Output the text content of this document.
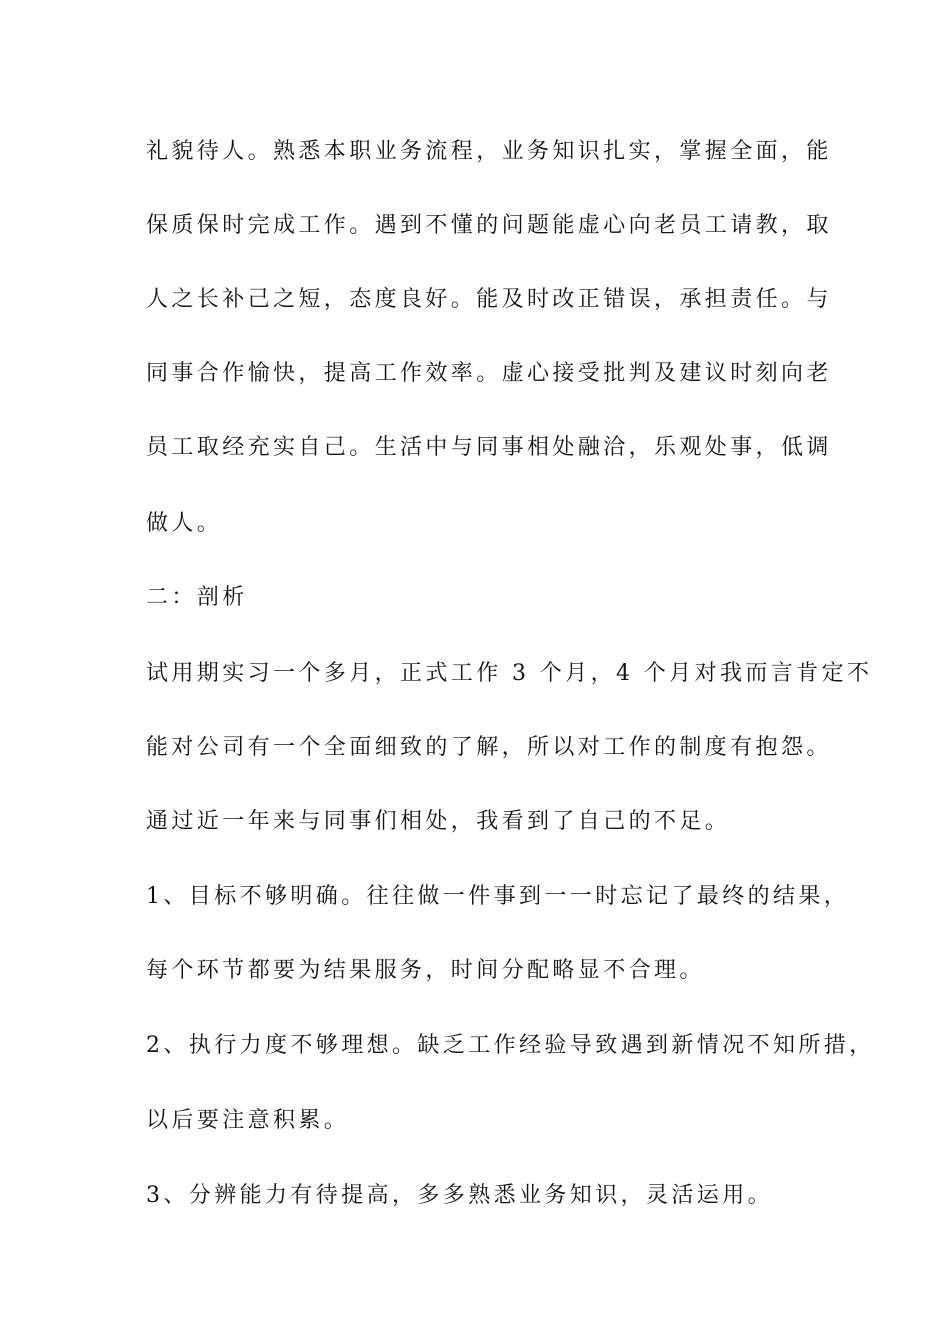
礼貌待人。熟悉本职业务流程，业务知识扎实，掌握全面，能
保质保时完成工作。遇到不懂的问题能虚心向老员工请教，取
人之长补己之短，态度良好。能及时改正错误，承担责任。与
同事合作愉快，提高工作效率。虚心接受批判及建议时刻向老
员工取经充实自己。生活中与同事相处融洽，乐观处事，低调
做人。
二：剖析
试用期实习一个多月，正式工作 3 个月，4 个月对我而言肯定不
能对公司有一个全面细致的了解，所以对工作的制度有抱怨。
通过近一年来与同事们相处，我看到了自己的不足。
1、目标不够明确。往往做一件事到一一时忘记了最终的结果，
每个环节都要为结果服务，时间分配略显不合理。
2、执行力度不够理想。缺乏工作经验导致遇到新情况不知所措，
以后要注意积累。
3、分辨能力有待提高，多多熟悉业务知识，灵活运用。
